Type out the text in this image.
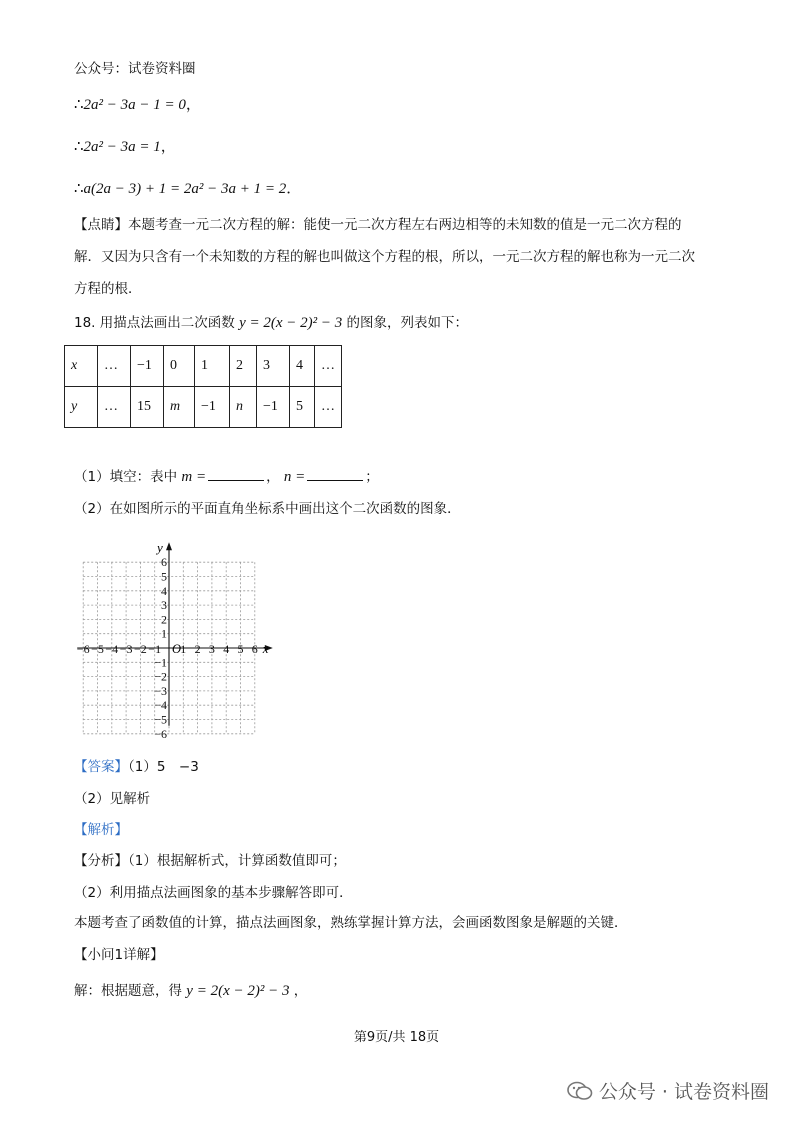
公众号：试卷资料圈
∴2a² − 3a − 1 = 0，
∴2a² − 3a = 1，
∴a(2a − 3) + 1 = 2a² − 3a + 1 = 2．
【点睛】本题考查一元二次方程的解：能使一元二次方程左右两边相等的未知数的值是一元二次方程的
解．又因为只含有一个未知数的方程的解也叫做这个方程的根，所以，一元二次方程的解也称为一元二次
方程的根．
18. 用描点法画出二次函数 y = 2(x − 2)² − 3 的图象，列表如下：
x	…	−1	0	1	2	3	4	…
y	…	15	m	−1	n	−1	5	…
（1）填空：表中 m =	， n =	；
（2）在如图所示的平面直角坐标系中画出这个二次函数的图象．
x
y
O
−6 −5 −4 −3 −2 −1 1 2 3 4 5 6
−6
−5
−4
−3
−2
−1
1
2
3
4
5
6
【答案】（1）5　−3
（2）见解析
【解析】
【分析】（1）根据解析式，计算函数值即可；
（2）利用描点法画图象的基本步骤解答即可．
本题考查了函数值的计算，描点法画图象，熟练掌握计算方法，会画函数图象是解题的关键．
【小问1详解】
解：根据题意，得 y = 2(x − 2)² − 3 ，
第9页/共 18页
公众号 · 试卷资料圈
